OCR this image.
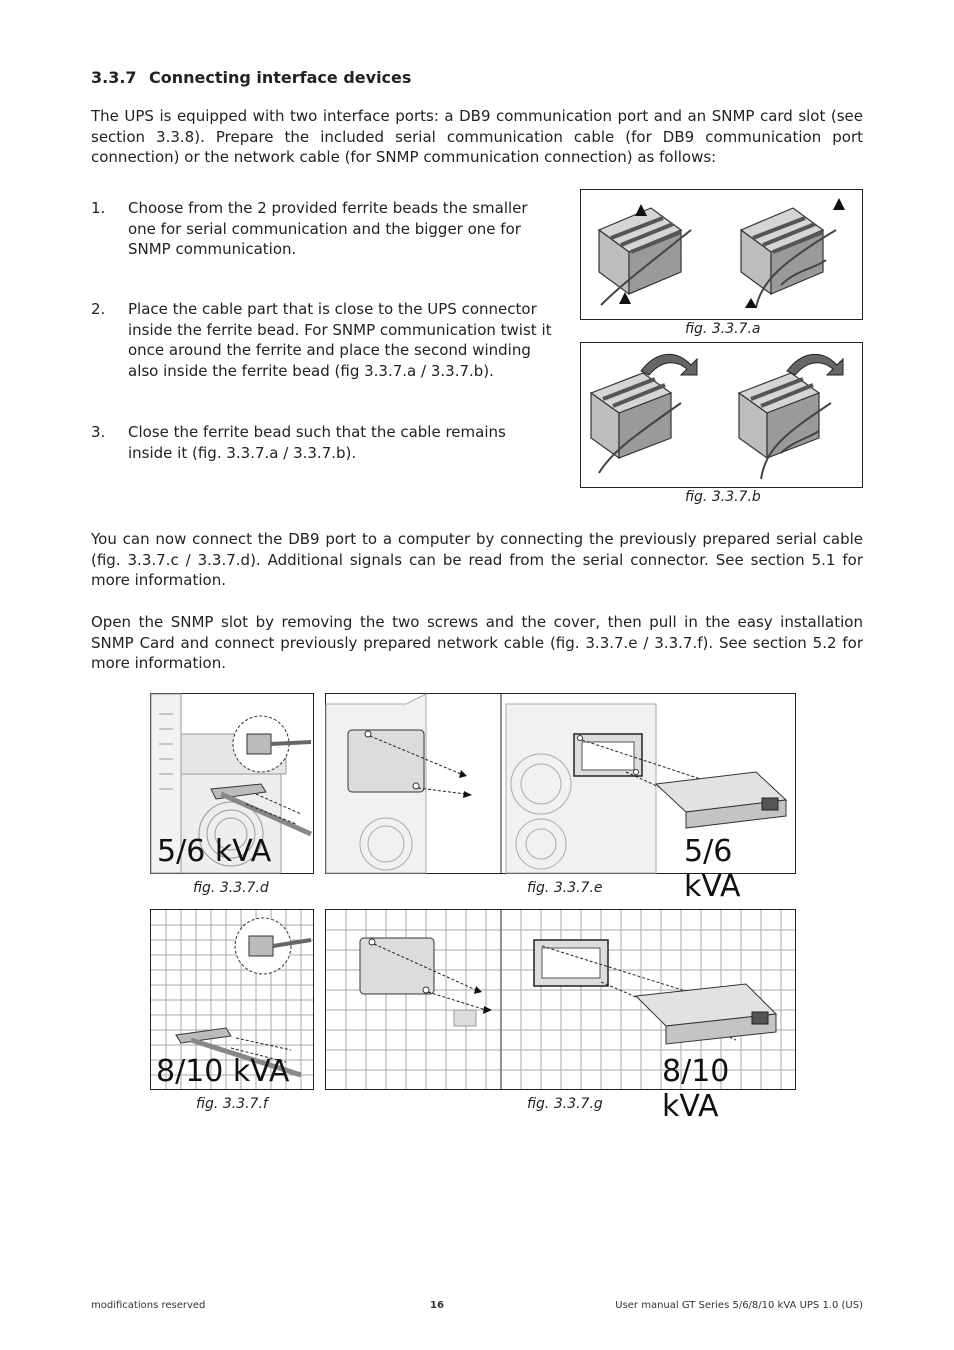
3.3.7 Connecting interface devices
The UPS is equipped with two interface ports: a DB9 communication port and an SNMP card slot (see section 3.3.8). Prepare the included serial communication cable (for DB9 communication port connection) or the network cable (for SNMP communication connection) as follows:
1. Choose from the 2 provided ferrite beads the smaller one for serial communication and the bigger one for SNMP communication.
2. Place the cable part that is close to the UPS connector inside the ferrite bead. For SNMP communication twist it once around the ferrite and place the second winding also inside the ferrite bead (fig 3.3.7.a / 3.3.7.b).
3. Close the ferrite bead such that the cable remains inside it (fig. 3.3.7.a / 3.3.7.b).
fig. 3.3.7.a
fig. 3.3.7.b
You can now connect the DB9 port to a computer by connecting the previously prepared serial cable (fig. 3.3.7.c / 3.3.7.d). Additional signals can be read from the serial connector. See section 5.1 for more information.
Open the SNMP slot by removing the two screws and the cover, then pull in the easy installation SNMP Card and connect previously prepared network cable (fig. 3.3.7.e / 3.3.7.f). See section 5.2 for more information.
5/6 kVA	5/6 kVA
fig. 3.3.7.d	fig. 3.3.7.e
8/10 kVA	8/10 kVA
fig. 3.3.7.f	fig. 3.3.7.g
modifications reserved	16	User manual GT Series 5/6/8/10 kVA UPS 1.0 (US)
